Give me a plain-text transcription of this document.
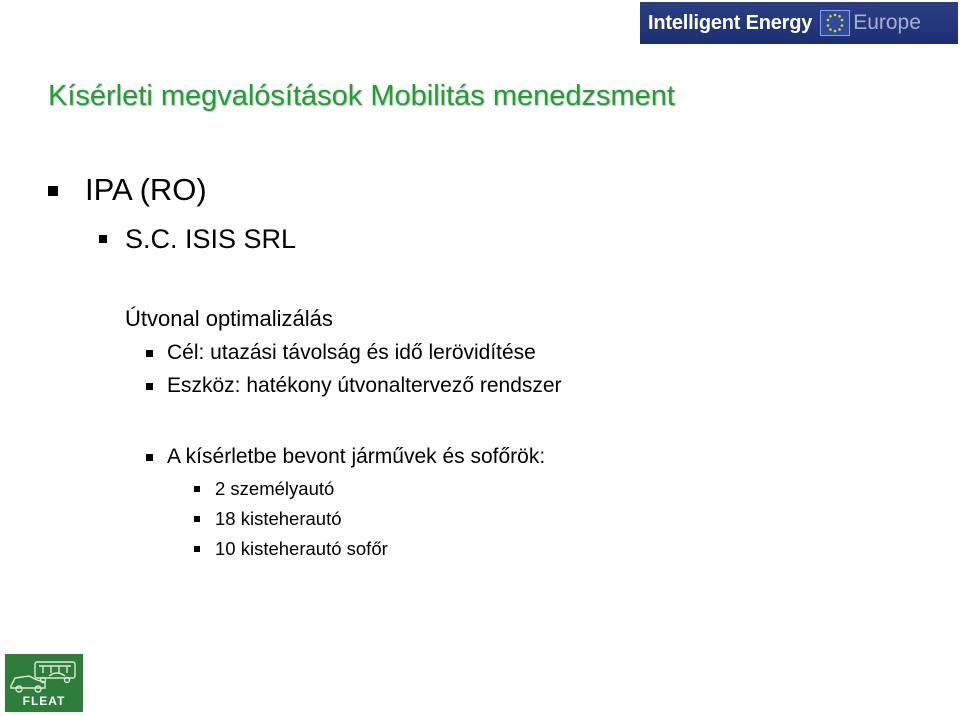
Intelligent Energy Europe
Kísérleti megvalósítások Mobilitás menedzsment
IPA (RO)
S.C. ISIS SRL
Útvonal optimalizálás
Cél: utazási távolság és idő lerövidítése
Eszköz: hatékony útvonaltervező rendszer
A kísérletbe bevont járművek és sofőrök:
2 személyautó
18 kisteherautó
10 kisteherautó sofőr
FLEAT
